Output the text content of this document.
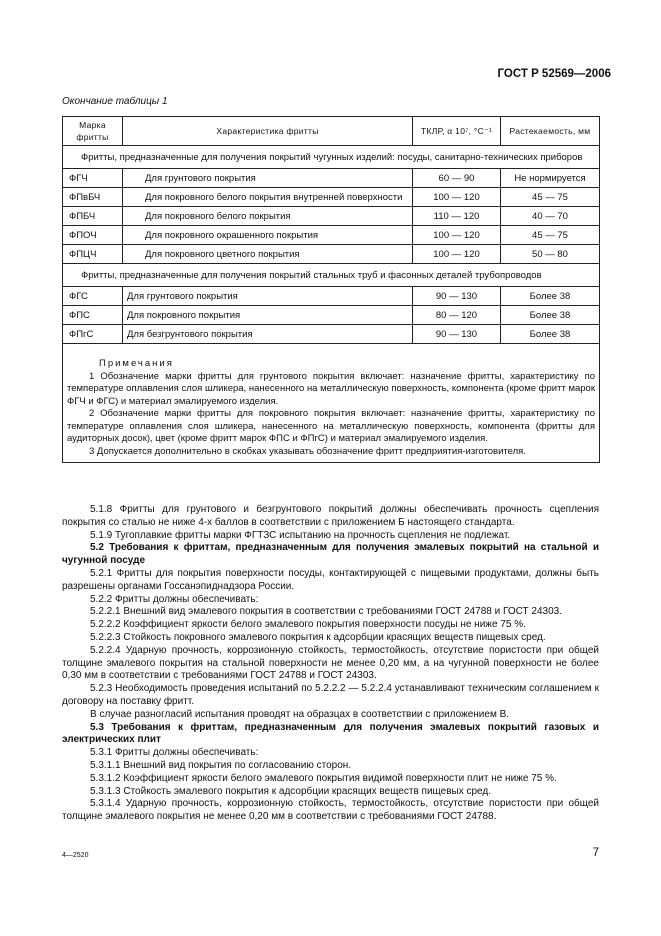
ГОСТ Р 52569—2006
Окончание таблицы 1
Марка фритты	Характеристика фритты	ТКЛР, α 10⁷, °С⁻¹	Растекаемость, мм
Фритты, предназначенные для получения покрытий чугунных изделий: посуды, санитарно-технических приборов			
ФГЧ	Для грунтового покрытия	60 — 90	Не нормируется
ФПвБЧ	Для покровного белого покрытия внутренней поверхности	100 — 120	45 — 75
ФПБЧ	Для покровного белого покрытия	110 — 120	40 — 70
ФПОЧ	Для покровного окрашенного покрытия	100 — 120	45 — 75
ФПЦЧ	Для покровного цветного покрытия	100 — 120	50 — 80
Фритты, предназначенные для получения покрытий стальных труб и фасонных деталей трубопроводов			
ФГС	Для грунтового покрытия	90 — 130	Более 38
ФПС	Для покровного покрытия	80 — 120	Более 38
ФПгС	Для безгрунтового покрытия	90 — 130	Более 38

Примечания

1 Обозначение марки фритты для грунтового покрытия включает: назначение фритты, характеристику по температуре оплавления слоя шликера, нанесенного на металлическую поверхность, компонента (кроме фритт марок ФГЧ и ФГС) и материал эмалируемого изделия.

2 Обозначение марки фритты для покровного покрытия включает: назначение фритты, характеристику по температуре оплавления слоя шликера, нанесенного на металлическую поверхность, компонента (фритты для аудиторных досок), цвет (кроме фритт марок ФПС и ФПгС) и материал эмалируемого изделия.

3 Допускается дополнительно в скобках указывать обозначение фритт предприятия-изготовителя.			

5.1.8 Фритты для грунтового и безгрунтового покрытий должны обеспечивать прочность сцепления покрытия со сталью не ниже 4-х баллов в соответствии с приложением Б настоящего стандарта.

5.1.9 Тугоплавкие фритты марки ФГТЗС испытанию на прочность сцепления не подлежат.

5.2 Требования к фриттам, предназначенным для получения эмалевых покрытий на стальной и чугунной посуде

5.2.1 Фритты для покрытия поверхности посуды, контактирующей с пищевыми продуктами, должны быть разрешены органами Госсанэпиднадзора России.

5.2.2 Фритты должны обеспечивать:

5.2.2.1 Внешний вид эмалевого покрытия в соответствии с требованиями ГОСТ 24788 и ГОСТ 24303.

5.2.2.2 Коэффициент яркости белого эмалевого покрытия поверхности посуды не ниже 75 %.

5.2.2.3 Стойкость покровного эмалевого покрытия к адсорбции красящих веществ пищевых сред.

5.2.2.4 Ударную прочность, коррозионную стойкость, термостойкость, отсутствие пористости при общей толщине эмалевого покрытия на стальной поверхности не менее 0,20 мм, а на чугунной поверхности не более 0,30 мм в соответствии с требованиями ГОСТ 24788 и ГОСТ 24303.

5.2.3 Необходимость проведения испытаний по 5.2.2.2 — 5.2.2.4 устанавливают техническим соглашением к договору на поставку фритт.

В случае разногласий испытания проводят на образцах в соответствии с приложением В.

5.3 Требования к фриттам, предназначенным для получения эмалевых покрытий газовых и электрических плит

5.3.1 Фритты должны обеспечивать:

5.3.1.1 Внешний вид покрытия по согласованию сторон.

5.3.1.2 Коэффициент яркости белого эмалевого покрытия видимой поверхности плит не ниже 75 %.

5.3.1.3 Стойкость эмалевого покрытия к адсорбции красящих веществ пищевых сред.

5.3.1.4 Ударную прочность, коррозионную стойкость, термостойкость, отсутствие пористости при общей толщине эмалевого покрытия не менее 0,20 мм в соответствии с требованиями ГОСТ 24788.

4—2520	7
